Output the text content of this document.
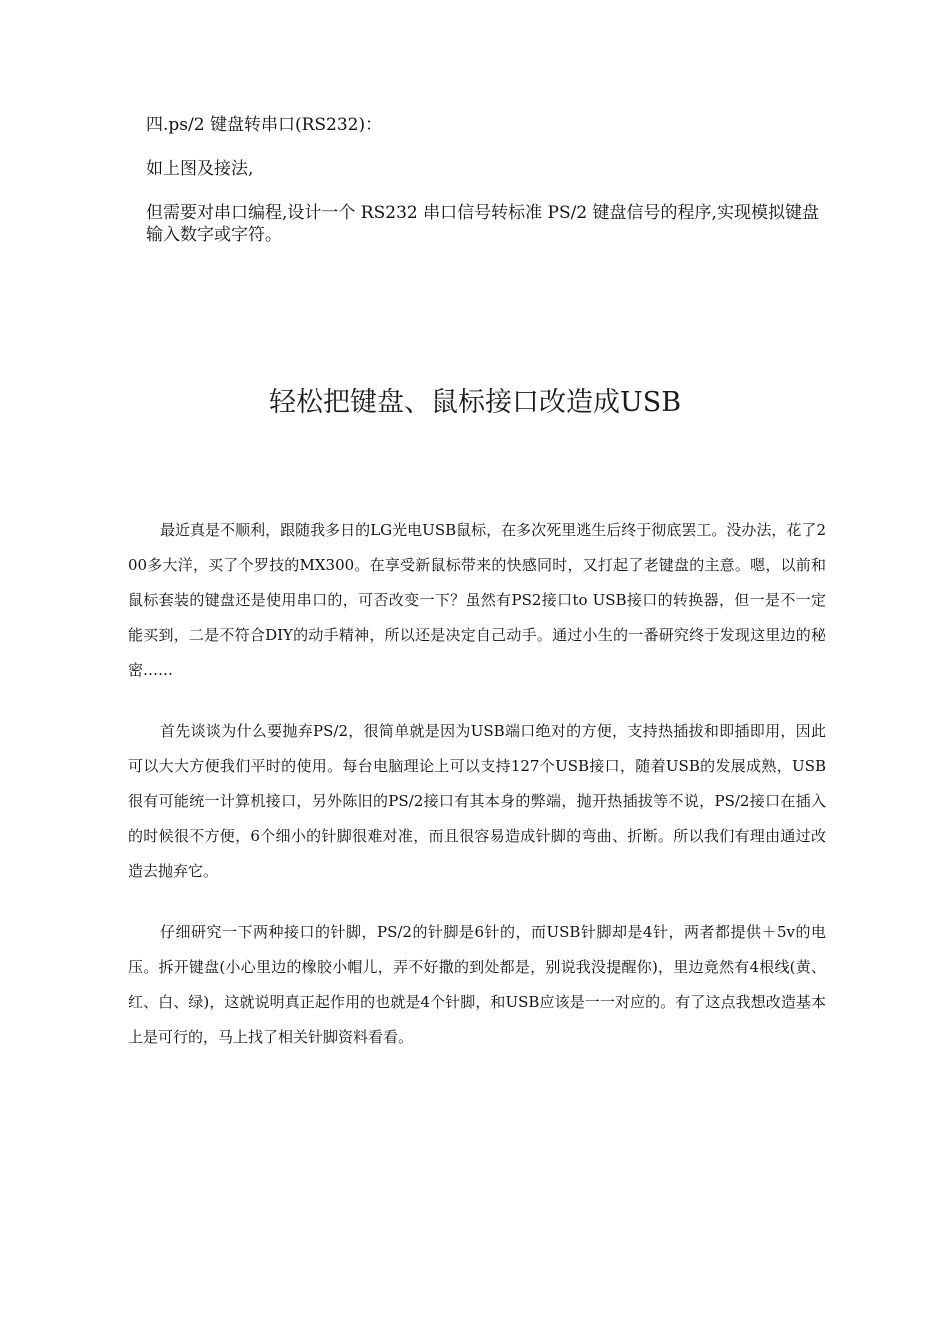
四.ps/2 键盘转串口(RS232)：

如上图及接法,

但需要对串口编程,设计一个 RS232 串口信号转标准 PS/2 键盘信号的程序,实现模拟键盘输入数字或字符。

轻松把键盘、鼠标接口改造成USB

最近真是不顺利，跟随我多日的LG光电USB鼠标，在多次死里逃生后终于彻底罢工。没办法，花了200多大洋，买了个罗技的MX300。在享受新鼠标带来的快感同时，又打起了老键盘的主意。嗯，以前和鼠标套装的键盘还是使用串口的，可否改变一下？虽然有PS2接口to USB接口的转换器，但一是不一定能买到，二是不符合DIY的动手精神，所以还是决定自己动手。通过小生的一番研究终于发现这里边的秘密……

首先谈谈为什么要抛弃PS/2，很简单就是因为USB端口绝对的方便，支持热插拔和即插即用，因此可以大大方便我们平时的使用。每台电脑理论上可以支持127个USB接口，随着USB的发展成熟，USB很有可能统一计算机接口，另外陈旧的PS/2接口有其本身的弊端，抛开热插拔等不说，PS/2接口在插入的时候很不方便，6个细小的针脚很难对准，而且很容易造成针脚的弯曲、折断。所以我们有理由通过改造去抛弃它。

仔细研究一下两种接口的针脚，PS/2的针脚是6针的，而USB针脚却是4针，两者都提供＋5v的电压。拆开键盘(小心里边的橡胶小帽儿，弄不好撒的到处都是，别说我没提醒你)，里边竟然有4根线(黄、红、白、绿)，这就说明真正起作用的也就是4个针脚，和USB应该是一一对应的。有了这点我想改造基本上是可行的，马上找了相关针脚资料看看。
